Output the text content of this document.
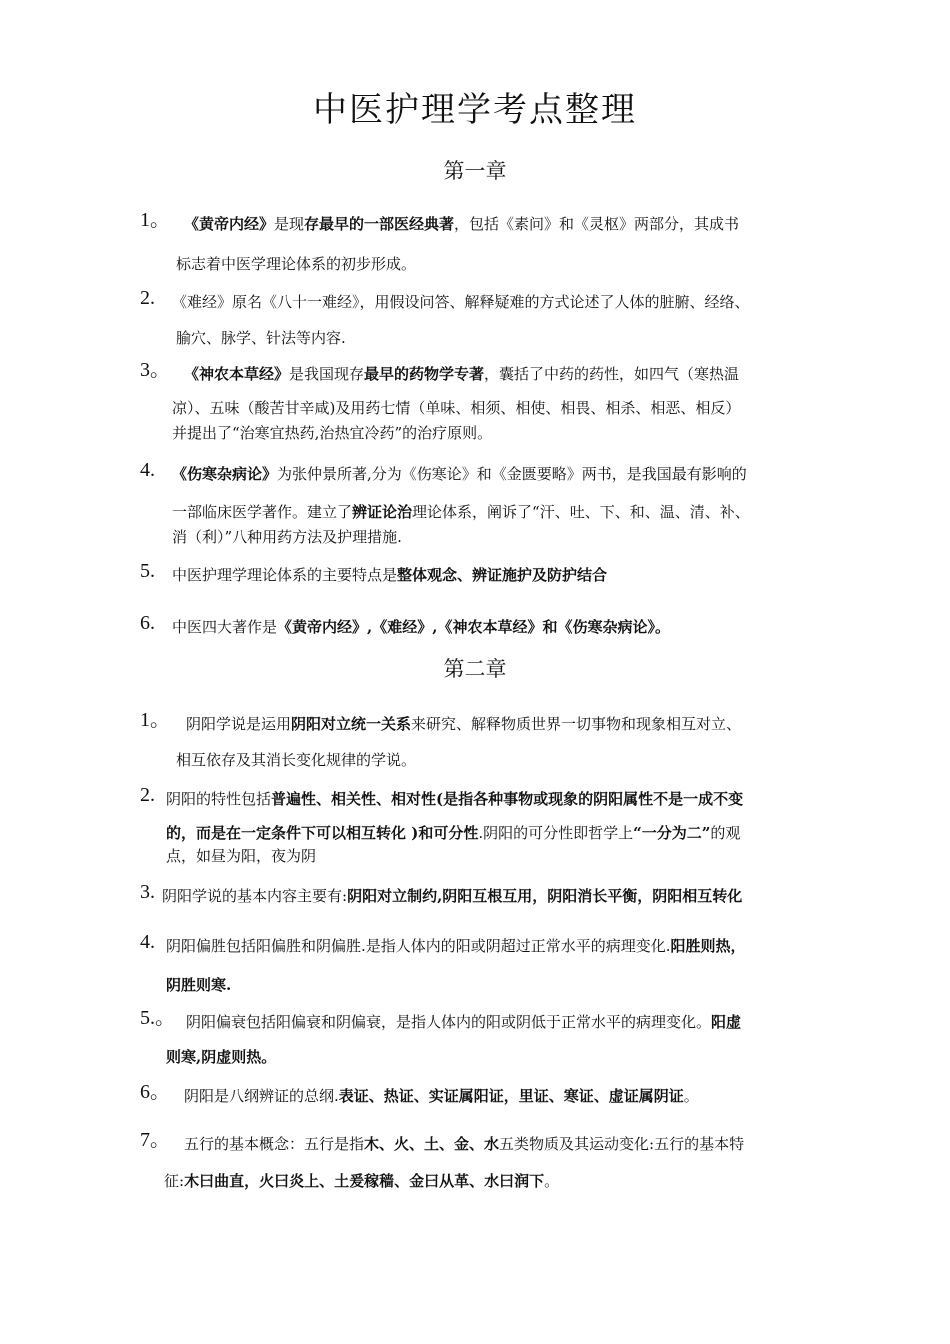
中医护理学考点整理
第一章
第二章
1。 《黄帝内经》是现存最早的一部医经典著，包括《素问》和《灵枢》两部分，其成书
标志着中医学理论体系的初步形成。
2. 《难经》原名《八十一难经》，用假设问答、解释疑难的方式论述了人体的脏腑、经络、
腧穴、脉学、针法等内容.
3。 《神农本草经》是我国现存最早的药物学专著，囊括了中药的药性，如四气（寒热温
凉）、五味（酸苦甘辛咸)及用药七情（单味、相须、相使、相畏、相杀、相恶、相反）
并提出了“治寒宜热药,治热宜冷药”的治疗原则。
4. 《伤寒杂病论》为张仲景所著,分为《伤寒论》和《金匮要略》两书，是我国最有影响的
一部临床医学著作。建立了辨证论治理论体系，阐诉了“汗、吐、下、和、温、清、补、
消（利）”八种用药方法及护理措施.
5. 中医护理学理论体系的主要特点是整体观念、辨证施护及防护结合
6. 中医四大著作是《黄帝内经》,《难经》,《神农本草经》和《伤寒杂病论》。
1。 阴阳学说是运用阴阳对立统一关系来研究、解释物质世界一切事物和现象相互对立、
相互依存及其消长变化规律的学说。
2. 阴阳的特性包括普遍性、相关性、相对性(是指各种事物或现象的阴阳属性不是一成不变
的，而是在一定条件下可以相互转化 )和可分性.阴阳的可分性即哲学上“一分为二”的观
点，如昼为阳，夜为阴
3. 阴阳学说的基本内容主要有:阴阳对立制约,阴阳互根互用，阴阳消长平衡，阴阳相互转化
4. 阴阳偏胜包括阳偏胜和阴偏胜.是指人体内的阳或阴超过正常水平的病理变化.阳胜则热，
阴胜则寒.
5.。 阴阳偏衰包括阳偏衰和阴偏衰，是指人体内的阳或阴低于正常水平的病理变化。阳虚
则寒,阴虚则热。
6。 阴阳是八纲辨证的总纲.表证、热证、实证属阳证，里证、寒证、虚证属阴证。
7。 五行的基本概念：五行是指木、火、土、金、水五类物质及其运动变化:五行的基本特
征:木曰曲直，火曰炎上、土爰稼穑、金曰从革、水曰润下。
